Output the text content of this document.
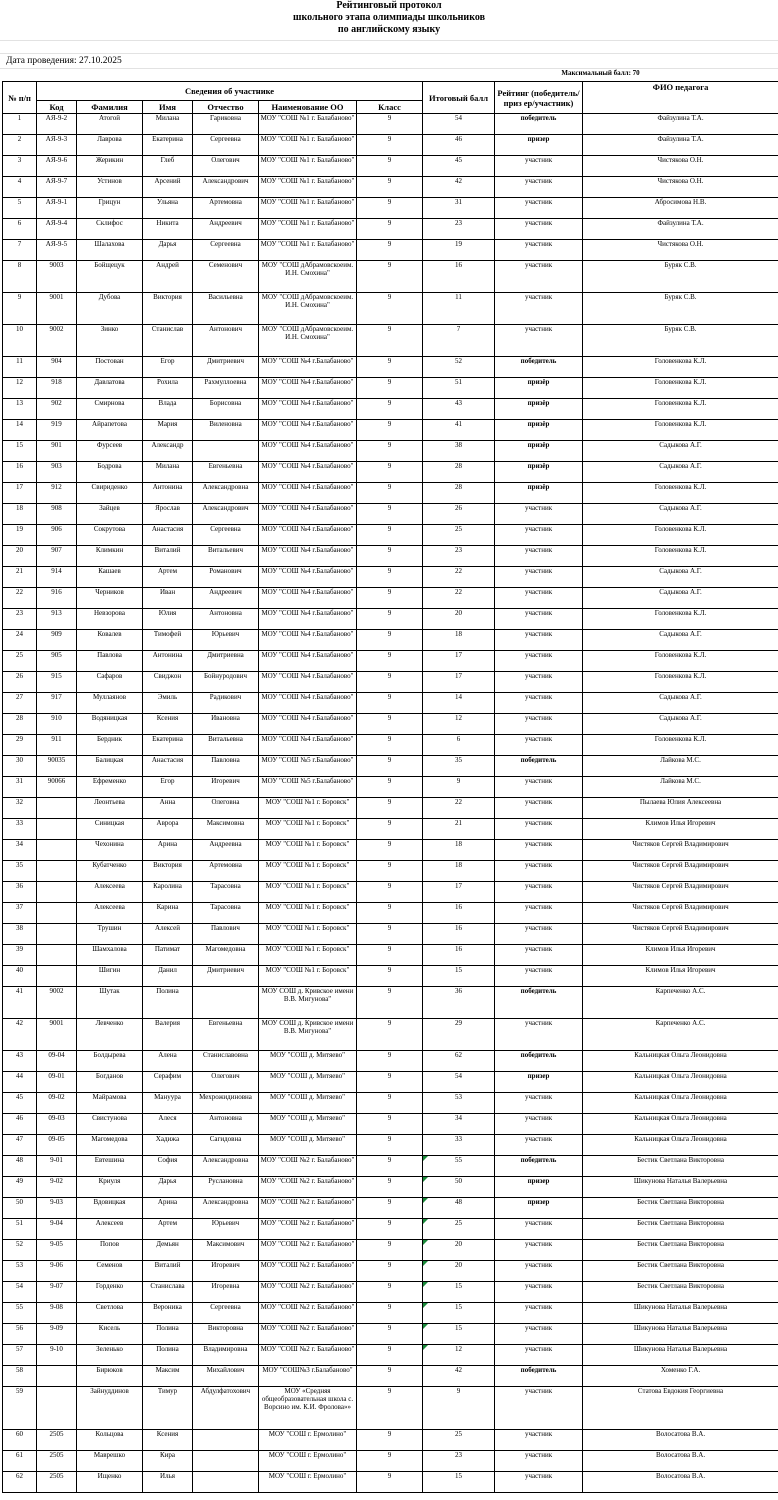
Рейтинговый протокол
школьного этапа олимпиады школьников
по английскому языку
Дата проведения: 27.10.2025
							Максимальный балл: 70		
№ п/п	Сведения об участнике						Итоговый балл	Рейтинг (победитель/приз ер/участник)	ФИО педагога
	Код	Фамилия	Имя	Отчество	Наименование ОО	Класс			
1	АЯ-9-2	Атогой	Милана	Гариковна	МОУ "СОШ №1 г. Балабаново"	9	54	победитель	Файзулина Т.А.
2	АЯ-9-3	Лаврова	Екатерина	Сергеевна	МОУ "СОШ №1 г. Балабаново"	9	46	призер	Файзулина Т.А.
3	АЯ-9-6	Жерикин	Глеб	Олегович	МОУ "СОШ №1 г. Балабаново"	9	45	участник	Чистякова О.Н.
4	АЯ-9-7	Устинов	Арсений	Александрович	МОУ "СОШ №1 г. Балабаново"	9	42	участник	Чистякова О.Н.
5	АЯ-9-1	Грицун	Ульяна	Артемовна	МОУ "СОШ №1 г. Балабаново"	9	31	участник	Абросимова Н.В.
6	АЯ-9-4	Склифос	Никита	Андреевич	МОУ "СОШ №1 г. Балабаново"	9	23	участник	Файзулина Т.А.
7	АЯ-9-5	Шалахова	Дарья	Сергеевна	МОУ "СОШ №1 г. Балабаново"	9	19	участник	Чистякова О.Н.
8	9003	Бойщецук	Андрей	Семенович	МОУ "СОШ дАбрамовскоеим. И.Н. Смохина"	9	16	участник	Буряк С.В.
9	9001	Дубова	Виктория	Васильевна	МОУ "СОШ дАбрамовскоеим. И.Н. Смохина"	9	11	участник	Буряк С.В.
10	9002	Зинко	Станислав	Антонович	МОУ "СОШ дАбрамовскоеим. И.Н. Смохина"	9	7	участник	Буряк С.В.
11	904	Постован	Егор	Дмитриевич	МОУ "СОШ №4 г.Балабаново"	9	52	победитель	Головенкова К.Л.
12	918	Давлатова	Рохила	Рахмуллоевна	МОУ "СОШ №4 г.Балабаново"	9	51	призёр	Головенкова К.Л.
13	902	Смирнова	Влада	Борисовна	МОУ "СОШ №4 г.Балабаново"	9	43	призёр	Головенкова К.Л.
14	919	Айрапетова	Мария	Виленовна	МОУ "СОШ №4 г.Балабаново"	9	41	призёр	Головенкова К.Л.
15	901	Фурсеев	Александр		МОУ "СОШ №4 г.Балабаново"	9	38	призёр	Садыкова А.Г.
16	903	Бодрова	Милана	Евгеньевна	МОУ "СОШ №4 г.Балабаново"	9	28	призёр	Садыкова А.Г.
17	912	Свириденко	Антонина	Александровна	МОУ "СОШ №4 г.Балабаново"	9	28	призёр	Головенкова К.Л.
18	908	Зайцев	Ярослав	Александрович	МОУ "СОШ №4 г.Балабаново"	9	26	участник	Садыкова А.Г.
19	906	Сокрутова	Анастасия	Сергеевна	МОУ "СОШ №4 г.Балабаново"	9	25	участник	Головенкова К.Л.
20	907	Климкин	Виталий	Витальевич	МОУ "СОШ №4 г.Балабаново"	9	23	участник	Головенкова К.Л.
21	914	Кашаев	Артем	Романович	МОУ "СОШ №4 г.Балабаново"	9	22	участник	Садыкова А.Г.
22	916	Черников	Иван	Андреевич	МОУ "СОШ №4 г.Балабаново"	9	22	участник	Садыкова А.Г.
23	913	Невзорова	Юлия	Антоновна	МОУ "СОШ №4 г.Балабаново"	9	20	участник	Головенкова К.Л.
24	909	Ковалев	Тимофей	Юрьевич	МОУ "СОШ №4 г.Балабаново"	9	18	участник	Садыкова А.Г.
25	905	Павлова	Антонина	Дмитриевна	МОУ "СОШ №4 г.Балабаново"	9	17	участник	Головенкова К.Л.
26	915	Сафаров	Свиджон	Бойнуродович	МОУ "СОШ №4 г.Балабаново"	9	17	участник	Головенкова К.Л.
27	917	Муллаянов	Эмиль	Радикович	МОУ "СОШ №4 г.Балабаново"	9	14	участник	Садыкова А.Г.
28	910	Водяницкая	Ксения	Ивановна	МОУ "СОШ №4 г.Балабаново"	9	12	участник	Садыкова А.Г.
29	911	Бердник	Екатерина	Витальевна	МОУ "СОШ №4 г.Балабаново"	9	6	участник	Головенкова К.Л.
30	90035	Балицкая	Анастасия	Павловна	МОУ "СОШ №5 г.Балабаново"	9	35	победитель	Лайкова М.С.
31	90066	Ефременко	Егор	Игоревич	МОУ "СОШ №5 г.Балабаново"	9	9	участник	Лайкова М.С.
32		Леонтьева	Анна	Олеговна	МОУ "СОШ №1 г. Боровск"	9	22	участник	Пылаева Юлия Алексеевна
33		Синицкая	Аврора	Максимовна	МОУ "СОШ №1 г. Боровск"	9	21	участник	Климов Илья Игоревич
34		Чехонина	Арина	Андреевна	МОУ "СОШ №1 г. Боровск"	9	18	участник	Чистяков Сергей Владимирович
35		Кубатченко	Виктория	Артемовна	МОУ "СОШ №1 г. Боровск"	9	18	участник	Чистяков Сергей Владимирович
36		Алексеева	Каролина	Тарасовна	МОУ "СОШ №1 г. Боровск"	9	17	участник	Чистяков Сергей Владимирович
37		Алексеева	Карина	Тарасовна	МОУ "СОШ №1 г. Боровск"	9	16	участник	Чистяков Сергей Владимирович
38		Трушин	Алексей	Павлович	МОУ "СОШ №1 г. Боровск"	9	16	участник	Чистяков Сергей Владимирович
39		Шамхалова	Патимат	Магомедовна	МОУ "СОШ №1 г. Боровск"	9	16	участник	Климов Илья Игоревич
40		Шигин	Данил	Дмитриевич	МОУ "СОШ №1 г. Боровск"	9	15	участник	Климов Илья Игоревич
41	9002	Шутак	Полина		МОУ СОШ д. Кривское имени В.В. Мигунова"	9	36	победитель	Карпеченко А.С.
42	9001	Левченко	Валерия	Евгеньевна	МОУ СОШ д. Кривское имени В.В. Мигунова"	9	29	участник	Карпеченко А.С.
43	09-04	Болдырева	Алена	Станиславовна	МОУ "СОШ д. Митяево"	9	62	победитель	Кальницкая Ольга Леонидовна
44	09-01	Богданов	Серафим	Олегович	МОУ "СОШ д. Митяево"	9	54	призер	Кальницкая Ольга Леонидовна
45	09-02	Майрамова	Мануура	Мехрожидиновна	МОУ "СОШ д. Митяево"	9	53	участник	Кальницкая Ольга Леонидовна
46	09-03	Свистунова	Алеся	Антоновна	МОУ "СОШ д. Митяево"	9	34	участник	Кальницкая Ольга Леонидовна
47	09-05	Магомедова	Хадижа	Сагидовна	МОУ "СОШ д. Митяево"	9	33	участник	Кальницкая Ольга Леонидовна
48	9-01	Евтешина	София	Александровна	МОУ "СОШ №2 г. Балабаново"	9	55	победитель	Бестик Светлана Викторовна
49	9-02	Криуля	Дарья	Руслановна	МОУ "СОШ №2 г. Балабаново"	9	50	призер	Шикунова Наталья Валерьевна
50	9-03	Вдовицкая	Арина	Александровна	МОУ "СОШ №2 г. Балабаново"	9	48	призер	Бестик Светлана Викторовна
51	9-04	Алексеев	Артем	Юрьевич	МОУ "СОШ №2 г. Балабаново"	9	25	участник	Бестик Светлана Викторовна
52	9-05	Попов	Демьян	Максимович	МОУ "СОШ №2 г. Балабаново"	9	20	участник	Бестик Светлана Викторовна
53	9-06	Семенов	Виталий	Игоревич	МОУ "СОШ №2 г. Балабаново"	9	20	участник	Бестик Светлана Викторовна
54	9-07	Горденко	Станислава	Игоревна	МОУ "СОШ №2 г. Балабаново"	9	15	участник	Бестик Светлана Викторовна
55	9-08	Светлова	Вероника	Сергеевна	МОУ "СОШ №2 г. Балабаново"	9	15	участник	Шикунова Наталья Валерьевна
56	9-09	Кисель	Полина	Викторовна	МОУ "СОШ №2 г. Балабаново"	9	15	участник	Шикунова Наталья Валерьевна
57	9-10	Зеленько	Полина	Владимировна	МОУ "СОШ №2 г. Балабаново"	9	12	участник	Шикунова Наталья Валерьевна
58		Бирюков	Максим	Михайлович	МОУ "СОШ№3 г.Балабаново"	9	42	победитель	Хоменко Г.А.
59		Зайнуддинов	Тимур	Абдулфатохович	МОУ «Средняя общеобразовательная школа с. Ворсино им. К.И. Фролова»»	9	9	участник	Статова Евдокия Георгиевна
60	2505	Кольцова	Ксения		МОУ "СОШ г. Ермолино"	9	25	участник	Волосатова В.А.
61	2505	Маврешко	Кира		МОУ "СОШ г. Ермолино"	9	23	участник	Волосатова В.А.
62	2505	Ищенко	Илья		МОУ "СОШ г. Ермолино"	9	15	участник	Волосатова В.А.
